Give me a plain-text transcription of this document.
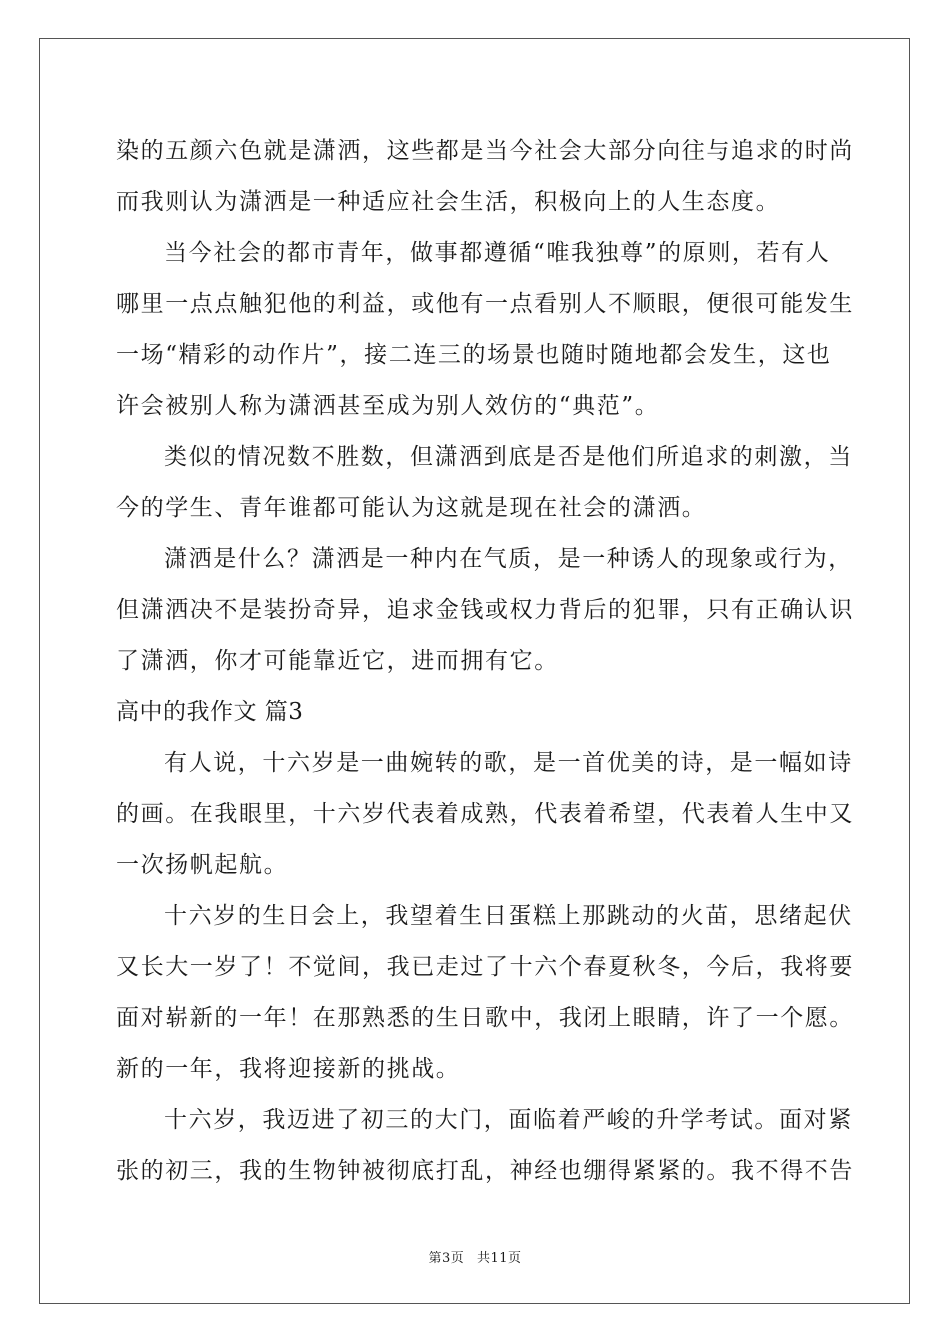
染的五颜六色就是潇洒，这些都是当今社会大部分向往与追求的时尚
而我则认为潇洒是一种适应社会生活，积极向上的人生态度。
当今社会的都市青年，做事都遵循“唯我独尊”的原则，若有人
哪里一点点触犯他的利益，或他有一点看别人不顺眼，便很可能发生
一场“精彩的动作片”，接二连三的场景也随时随地都会发生，这也
许会被别人称为潇洒甚至成为别人效仿的“典范”。
类似的情况数不胜数，但潇洒到底是否是他们所追求的刺激，当
今的学生、青年谁都可能认为这就是现在社会的潇洒。
潇洒是什么？潇洒是一种内在气质，是一种诱人的现象或行为，
但潇洒决不是装扮奇异，追求金钱或权力背后的犯罪，只有正确认识
了潇洒，你才可能靠近它，进而拥有它。
高中的我作文 篇3
有人说，十六岁是一曲婉转的歌，是一首优美的诗，是一幅如诗
的画。在我眼里，十六岁代表着成熟，代表着希望，代表着人生中又
一次扬帆起航。
十六岁的生日会上，我望着生日蛋糕上那跳动的火苗，思绪起伏
又长大一岁了！不觉间，我已走过了十六个春夏秋冬，今后，我将要
面对崭新的一年！在那熟悉的生日歌中，我闭上眼睛，许了一个愿。
新的一年，我将迎接新的挑战。
十六岁，我迈进了初三的大门，面临着严峻的升学考试。面对紧
张的初三，我的生物钟被彻底打乱，神经也绷得紧紧的。我不得不告
第3页 共11页
